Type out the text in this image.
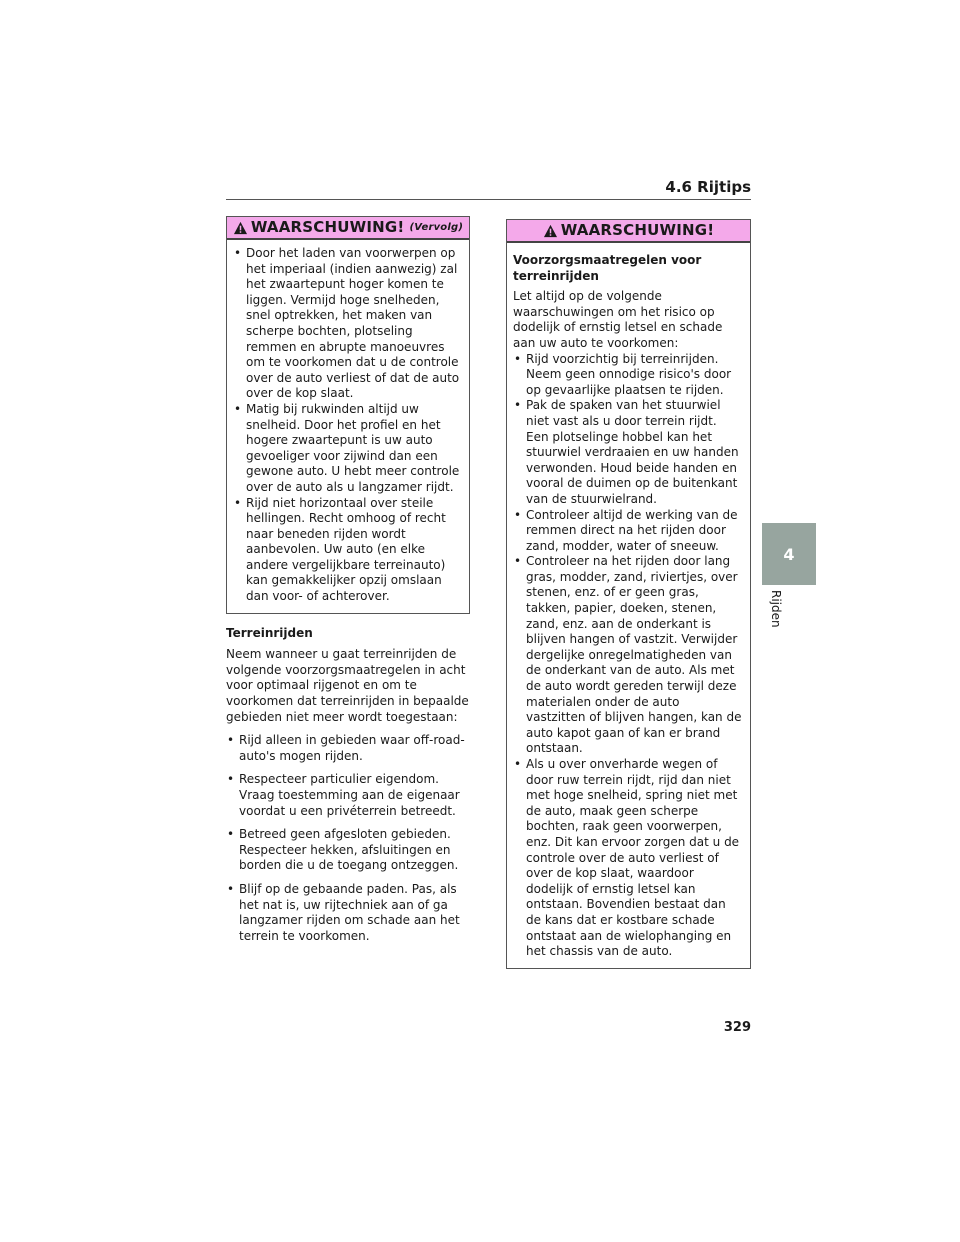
4.6 Rijtips
4
Rijden
WAARSCHUWING! (Vervolg)
• Door het laden van voorwerpen op het imperiaal (indien aanwezig) zal het zwaartepunt hoger komen te liggen. Vermijd hoge snelheden, snel optrekken, het maken van scherpe bochten, plotseling remmen en abrupte manoeuvres om te voorkomen dat u de controle over de auto verliest of dat de auto over de kop slaat.
• Matig bij rukwinden altijd uw snelheid. Door het profiel en het hogere zwaartepunt is uw auto gevoeliger voor zijwind dan een gewone auto. U hebt meer controle over de auto als u langzamer rijdt.
• Rijd niet horizontaal over steile hellingen. Recht omhoog of recht naar beneden rijden wordt aanbevolen. Uw auto (en elke andere vergelijkbare terreinauto) kan gemakkelijker opzij omslaan dan voor- of achterover.
Terreinrijden

Neem wanneer u gaat terreinrijden de volgende voorzorgsmaatregelen in acht voor optimaal rijgenot en om te voorkomen dat terreinrijden in bepaalde gebieden niet meer wordt toegestaan:

• Rijd alleen in gebieden waar off-road-auto's mogen rijden.
• Respecteer particulier eigendom. Vraag toestemming aan de eigenaar voordat u een privéterrein betreedt.
• Betreed geen afgesloten gebieden. Respecteer hekken, afsluitingen en borden die u de toegang ontzeggen.
• Blijf op de gebaande paden. Pas, als het nat is, uw rijtechniek aan of ga langzamer rijden om schade aan het terrein te voorkomen.
WAARSCHUWING!
Voorzorgsmaatregelen voor terreinrijden

Let altijd op de volgende waarschuwingen om het risico op dodelijk of ernstig letsel en schade aan uw auto te voorkomen:

• Rijd voorzichtig bij terreinrijden. Neem geen onnodige risico's door op gevaarlijke plaatsen te rijden.
• Pak de spaken van het stuurwiel niet vast als u door terrein rijdt. Een plotselinge hobbel kan het stuurwiel verdraaien en uw handen verwonden. Houd beide handen en vooral de duimen op de buitenkant van de stuurwielrand.
• Controleer altijd de werking van de remmen direct na het rijden door zand, modder, water of sneeuw.
• Controleer na het rijden door lang gras, modder, zand, riviertjes, over stenen, enz. of er geen gras, takken, papier, doeken, stenen, zand, enz. aan de onderkant is blijven hangen of vastzit. Verwijder dergelijke onregelmatigheden van de onderkant van de auto. Als met de auto wordt gereden terwijl deze materialen onder de auto vastzitten of blijven hangen, kan de auto kapot gaan of kan er brand ontstaan.
• Als u over onverharde wegen of door ruw terrein rijdt, rijd dan niet met hoge snelheid, spring niet met de auto, maak geen scherpe bochten, raak geen voorwerpen, enz. Dit kan ervoor zorgen dat u de controle over de auto verliest of over de kop slaat, waardoor dodelijk of ernstig letsel kan ontstaan. Bovendien bestaat dan de kans dat er kostbare schade ontstaat aan de wielophanging en het chassis van de auto.
329
